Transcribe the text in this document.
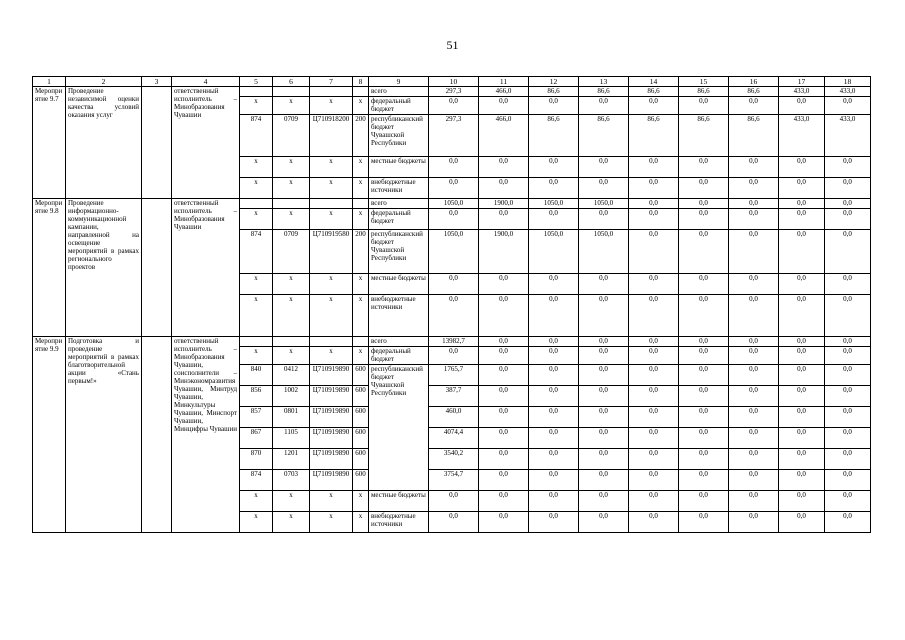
51
1	2	3	4	5	6	7	8	9	10	11	12	13	14	15	16	17	18
Мероприятие 9.7	Проведение независимой оценки качества условий оказания услуг		ответственный исполнитель – Минобразования Чувашии					всего	297,3	466,0	86,6	86,6	86,6	86,6	86,6	433,0	433,0
				х	х	х	х	федеральный бюджет	0,0	0,0	0,0	0,0	0,0	0,0	0,0	0,0	0,0
				874	0709	Ц710918200	200	республиканский бюджет Чувашской Республики	297,3	466,0	86,6	86,6	86,6	86,6	86,6	433,0	433,0
				х	х	х	х	местные бюджеты	0,0	0,0	0,0	0,0	0,0	0,0	0,0	0,0	0,0
				х	х	х	х	внебюджетные источники	0,0	0,0	0,0	0,0	0,0	0,0	0,0	0,0	0,0
Мероприятие 9.8	Проведение информационно-коммуникационной кампании, направленной на освещение мероприятий в рамках регионального проектов		ответственный исполнитель – Минобразования Чувашии					всего	1050,0	1900,0	1050,0	1050,0	0,0	0,0	0,0	0,0	0,0
				х	х	х	х	федеральный бюджет	0,0	0,0	0,0	0,0	0,0	0,0	0,0	0,0	0,0
				874	0709	Ц710919580	200	республиканский бюджет Чувашской Республики	1050,0	1900,0	1050,0	1050,0	0,0	0,0	0,0	0,0	0,0
				х	х	х	х	местные бюджеты	0,0	0,0	0,0	0,0	0,0	0,0	0,0	0,0	0,0
				х	х	х	х	внебюджетные источники	0,0	0,0	0,0	0,0	0,0	0,0	0,0	0,0	0,0
Мероприятие 9.9	Подготовка и проведение мероприятий в рамках благотворительной акции «Стань первым!»		ответственный исполнитель – Минобразования Чувашии, соисполнители – Минэкономразвития Чувашии, Минтруд Чувашии, Минкультуры Чувашии, Минспорт Чувашии, Минцифры Чувашии					всего	13982,7	0,0	0,0	0,0	0,0	0,0	0,0	0,0	0,0
				х	х	х	х	федеральный бюджет	0,0	0,0	0,0	0,0	0,0	0,0	0,0	0,0	0,0
				840	0412	Ц710919890	600	республиканский бюджет Чувашской Республики	1765,7	0,0	0,0	0,0	0,0	0,0	0,0	0,0	0,0
				856	1002	Ц710919890	600		387,7	0,0	0,0	0,0	0,0	0,0	0,0	0,0	0,0
				857	0801	Ц710919890	600		460,0	0,0	0,0	0,0	0,0	0,0	0,0	0,0	0,0
				867	1105	Ц710919890	600		4074,4	0,0	0,0	0,0	0,0	0,0	0,0	0,0	0,0
				870	1201	Ц710919890	600		3540,2	0,0	0,0	0,0	0,0	0,0	0,0	0,0	0,0
				874	0703	Ц710919890	600		3754,7	0,0	0,0	0,0	0,0	0,0	0,0	0,0	0,0
				х	х	х	х	местные бюджеты	0,0	0,0	0,0	0,0	0,0	0,0	0,0	0,0	0,0
				х	х	х	х	внебюджетные источники	0,0	0,0	0,0	0,0	0,0	0,0	0,0	0,0	0,0
